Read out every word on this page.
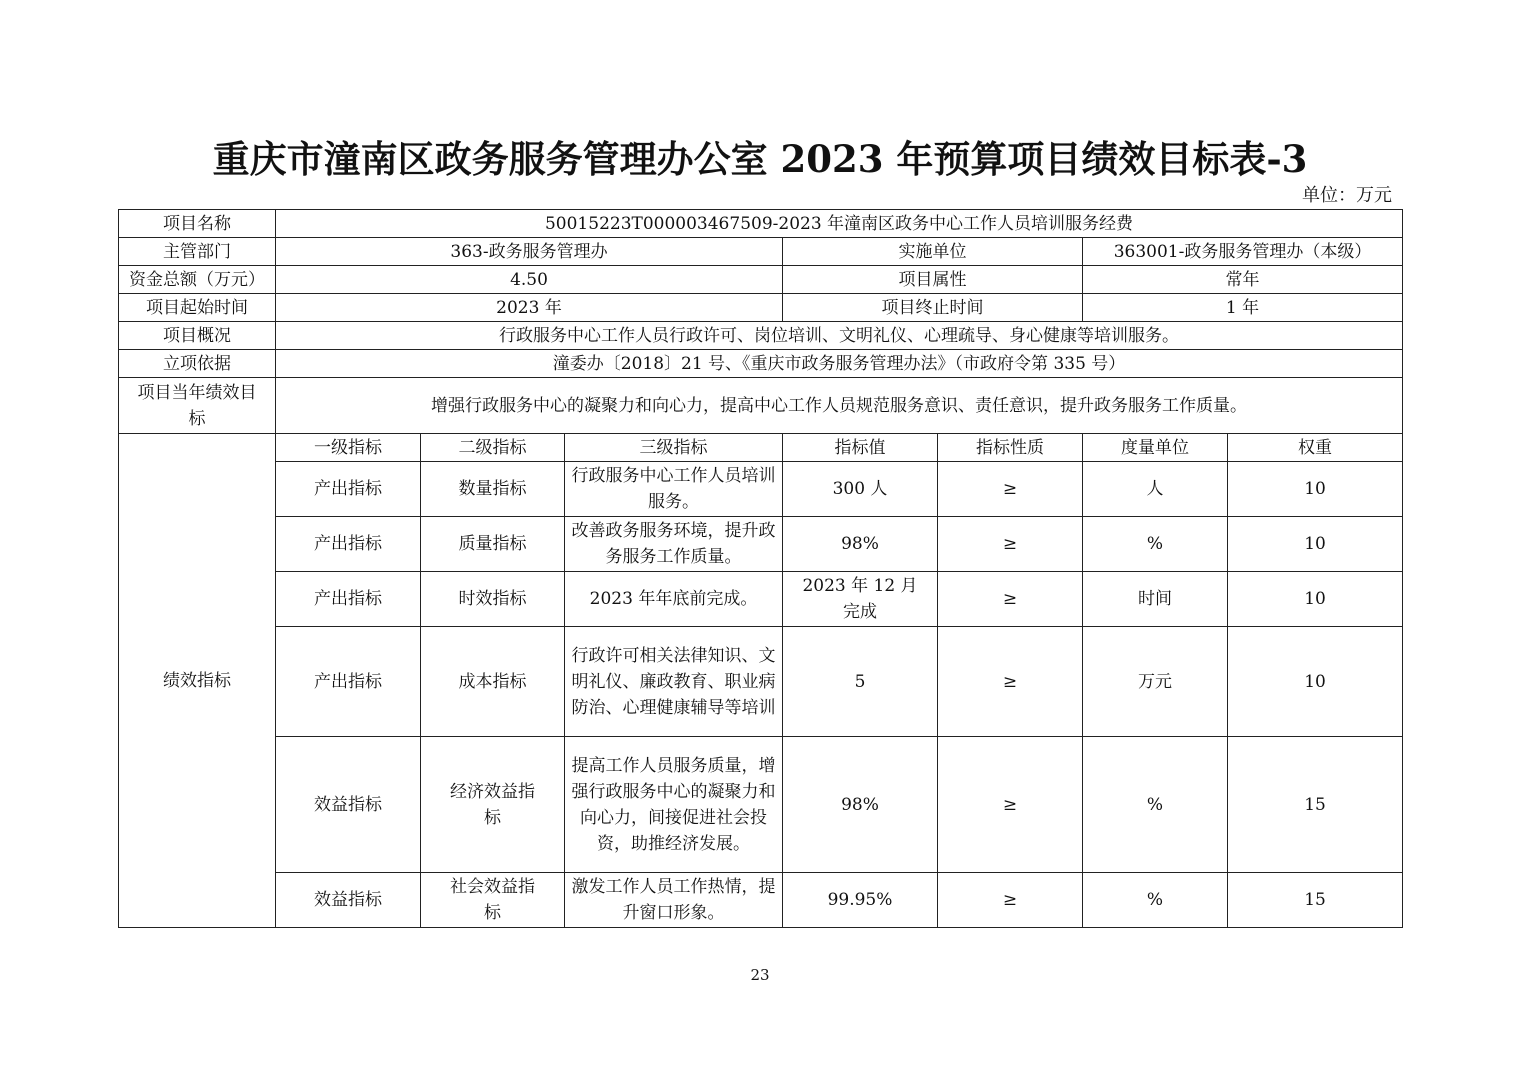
重庆市潼南区政务服务管理办公室 2023 年预算项目绩效目标表-3
单位：万元
项目名称	50015223T000003467509-2023 年潼南区政务中心工作人员培训服务经费						
主管部门	363-政务服务管理办			实施单位		363001-政务服务管理办（本级）	
资金总额（万元）	4.50			项目属性		常年	
项目起始时间	2023 年			项目终止时间		1 年	
项目概况	行政服务中心工作人员行政许可、岗位培训、文明礼仪、心理疏导、身心健康等培训服务。						
立项依据	潼委办〔2018〕21 号、《重庆市政务服务管理办法》（市政府令第 335 号）						
项目当年绩效目标	增强行政服务中心的凝聚力和向心力，提高中心工作人员规范服务意识、责任意识，提升政务服务工作质量。						
绩效指标	一级指标	二级指标	三级指标	指标值	指标性质	度量单位	权重
	产出指标	数量指标	行政服务中心工作人员培训服务。	300 人	≥	人	10
	产出指标	质量指标	改善政务服务环境，提升政务服务工作质量。	98%	≥	%	10
	产出指标	时效指标	2023 年年底前完成。	2023 年 12 月完成	≥	时间	10
	产出指标	成本指标	行政许可相关法律知识、文明礼仪、廉政教育、职业病防治、心理健康辅导等培训	5	≥	万元	10
	效益指标	经济效益指标	提高工作人员服务质量，增强行政服务中心的凝聚力和向心力，间接促进社会投资，助推经济发展。	98%	≥	%	15
	效益指标	社会效益指标	激发工作人员工作热情，提升窗口形象。	99.95%	≥	%	15
23
